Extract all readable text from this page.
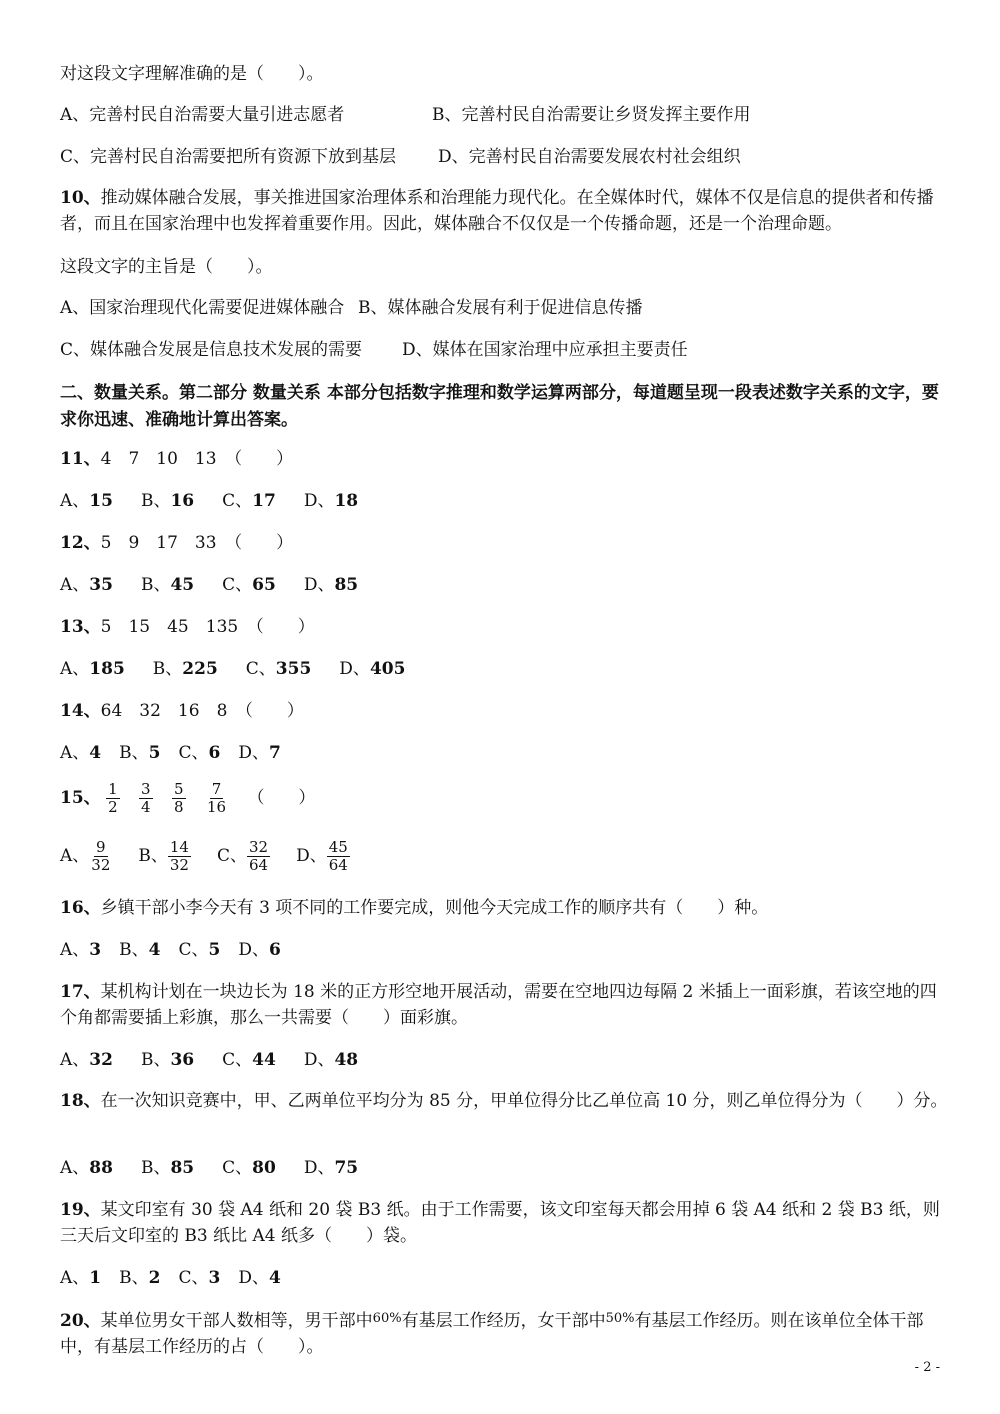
对这段文字理解准确的是（　　）。
A、完善村民自治需要大量引进志愿者	B、完善村民自治需要让乡贤发挥主要作用
C、完善村民自治需要把所有资源下放到基层 D、完善村民自治需要发展农村社会组织
10、推动媒体融合发展，事关推进国家治理体系和治理能力现代化。在全媒体时代，媒体不仅是信息的提供者和传播者，而且在国家治理中也发挥着重要作用。因此，媒体融合不仅仅是一个传播命题，还是一个治理命题。
这段文字的主旨是（　　）。
A、国家治理现代化需要促进媒体融合 B、媒体融合发展有利于促进信息传播
C、媒体融合发展是信息技术发展的需要 D、媒体在国家治理中应承担主要责任
二、数量关系。第二部分 数量关系 本部分包括数字推理和数学运算两部分，每道题呈现一段表述数字关系的文字，要求你迅速、准确地计算出答案。
11、4　7　10　13　（　　）
A、15 B、16 C、17 D、18
12、5　9　17　33　（　　）
A、35 B、45 C、65 D、85
13、5　15　45　135　（　　）
A、185 B、225 C、355 D、405
14、64　32　16　8　（　　）
A、4 B、5 C、6 D、7
15、 $\frac{1}{2}$
$\frac{3}{4}$
$\frac{5}{8}$
$\frac{7}{16}$ （　　）
A、 $\frac{9}{32}$ B、 $\frac{14}{32}$ C、 $\frac{32}{64}$ D、 $\frac{45}{64}$
16、乡镇干部小李今天有 3 项不同的工作要完成，则他今天完成工作的顺序共有（　　）种。
A、3 B、4 C、5 D、6
17、某机构计划在一块边长为 18 米的正方形空地开展活动，需要在空地四边每隔 2 米插上一面彩旗，若该空地的四个角都需要插上彩旗，那么一共需要（　　）面彩旗。
A、32 B、36 C、44 D、48
18、在一次知识竞赛中，甲、乙两单位平均分为 85 分，甲单位得分比乙单位高 10 分，则乙单位得分为（　　）分。
A、88 B、85 C、80 D、75
19、某文印室有 30 袋 A4 纸和 20 袋 B3 纸。由于工作需要，该文印室每天都会用掉 6 袋 A4 纸和 2 袋 B3 纸，则三天后文印室的 B3 纸比 A4 纸多（　　）袋。
A、1 B、2 C、3 D、4
20、某单位男女干部人数相等，男干部中$^{60\%}$有基层工作经历，女干部中$^{50\%}$有基层工作经历。则在该单位全体干部中，有基层工作经历的占（　　）。
- 2 -
